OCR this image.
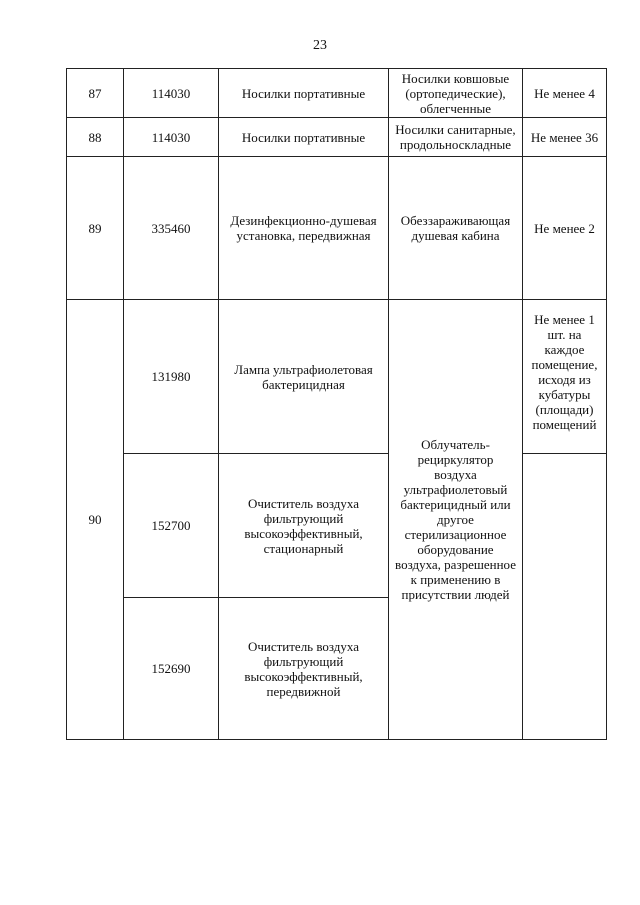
23
87	114030	Носилки портативные	Носилки ковшовые (ортопедические), облегченные	Не менее 4
88	114030	Носилки портативные	Носилки санитарные, продольноскладные	Не менее 36
89	335460	Дезинфекционно-душевая установка, передвижная	Обеззараживающая душевая кабина	Не менее 2
90	131980	Лампа ультрафиолетовая бактерицидная	Облучатель-рециркулятор воздуха ультрафиолетовый бактерицидный или другое стерилизационное оборудование воздуха, разрешенное к применению в присутствии людей	Не менее 1 шт. на каждое помещение, исходя из кубатуры (площади) помещений
	152700	Очиститель воздуха фильтрующий высокоэффективный, стационарный		
	152690	Очиститель воздуха фильтрующий высокоэффективный, передвижной		
